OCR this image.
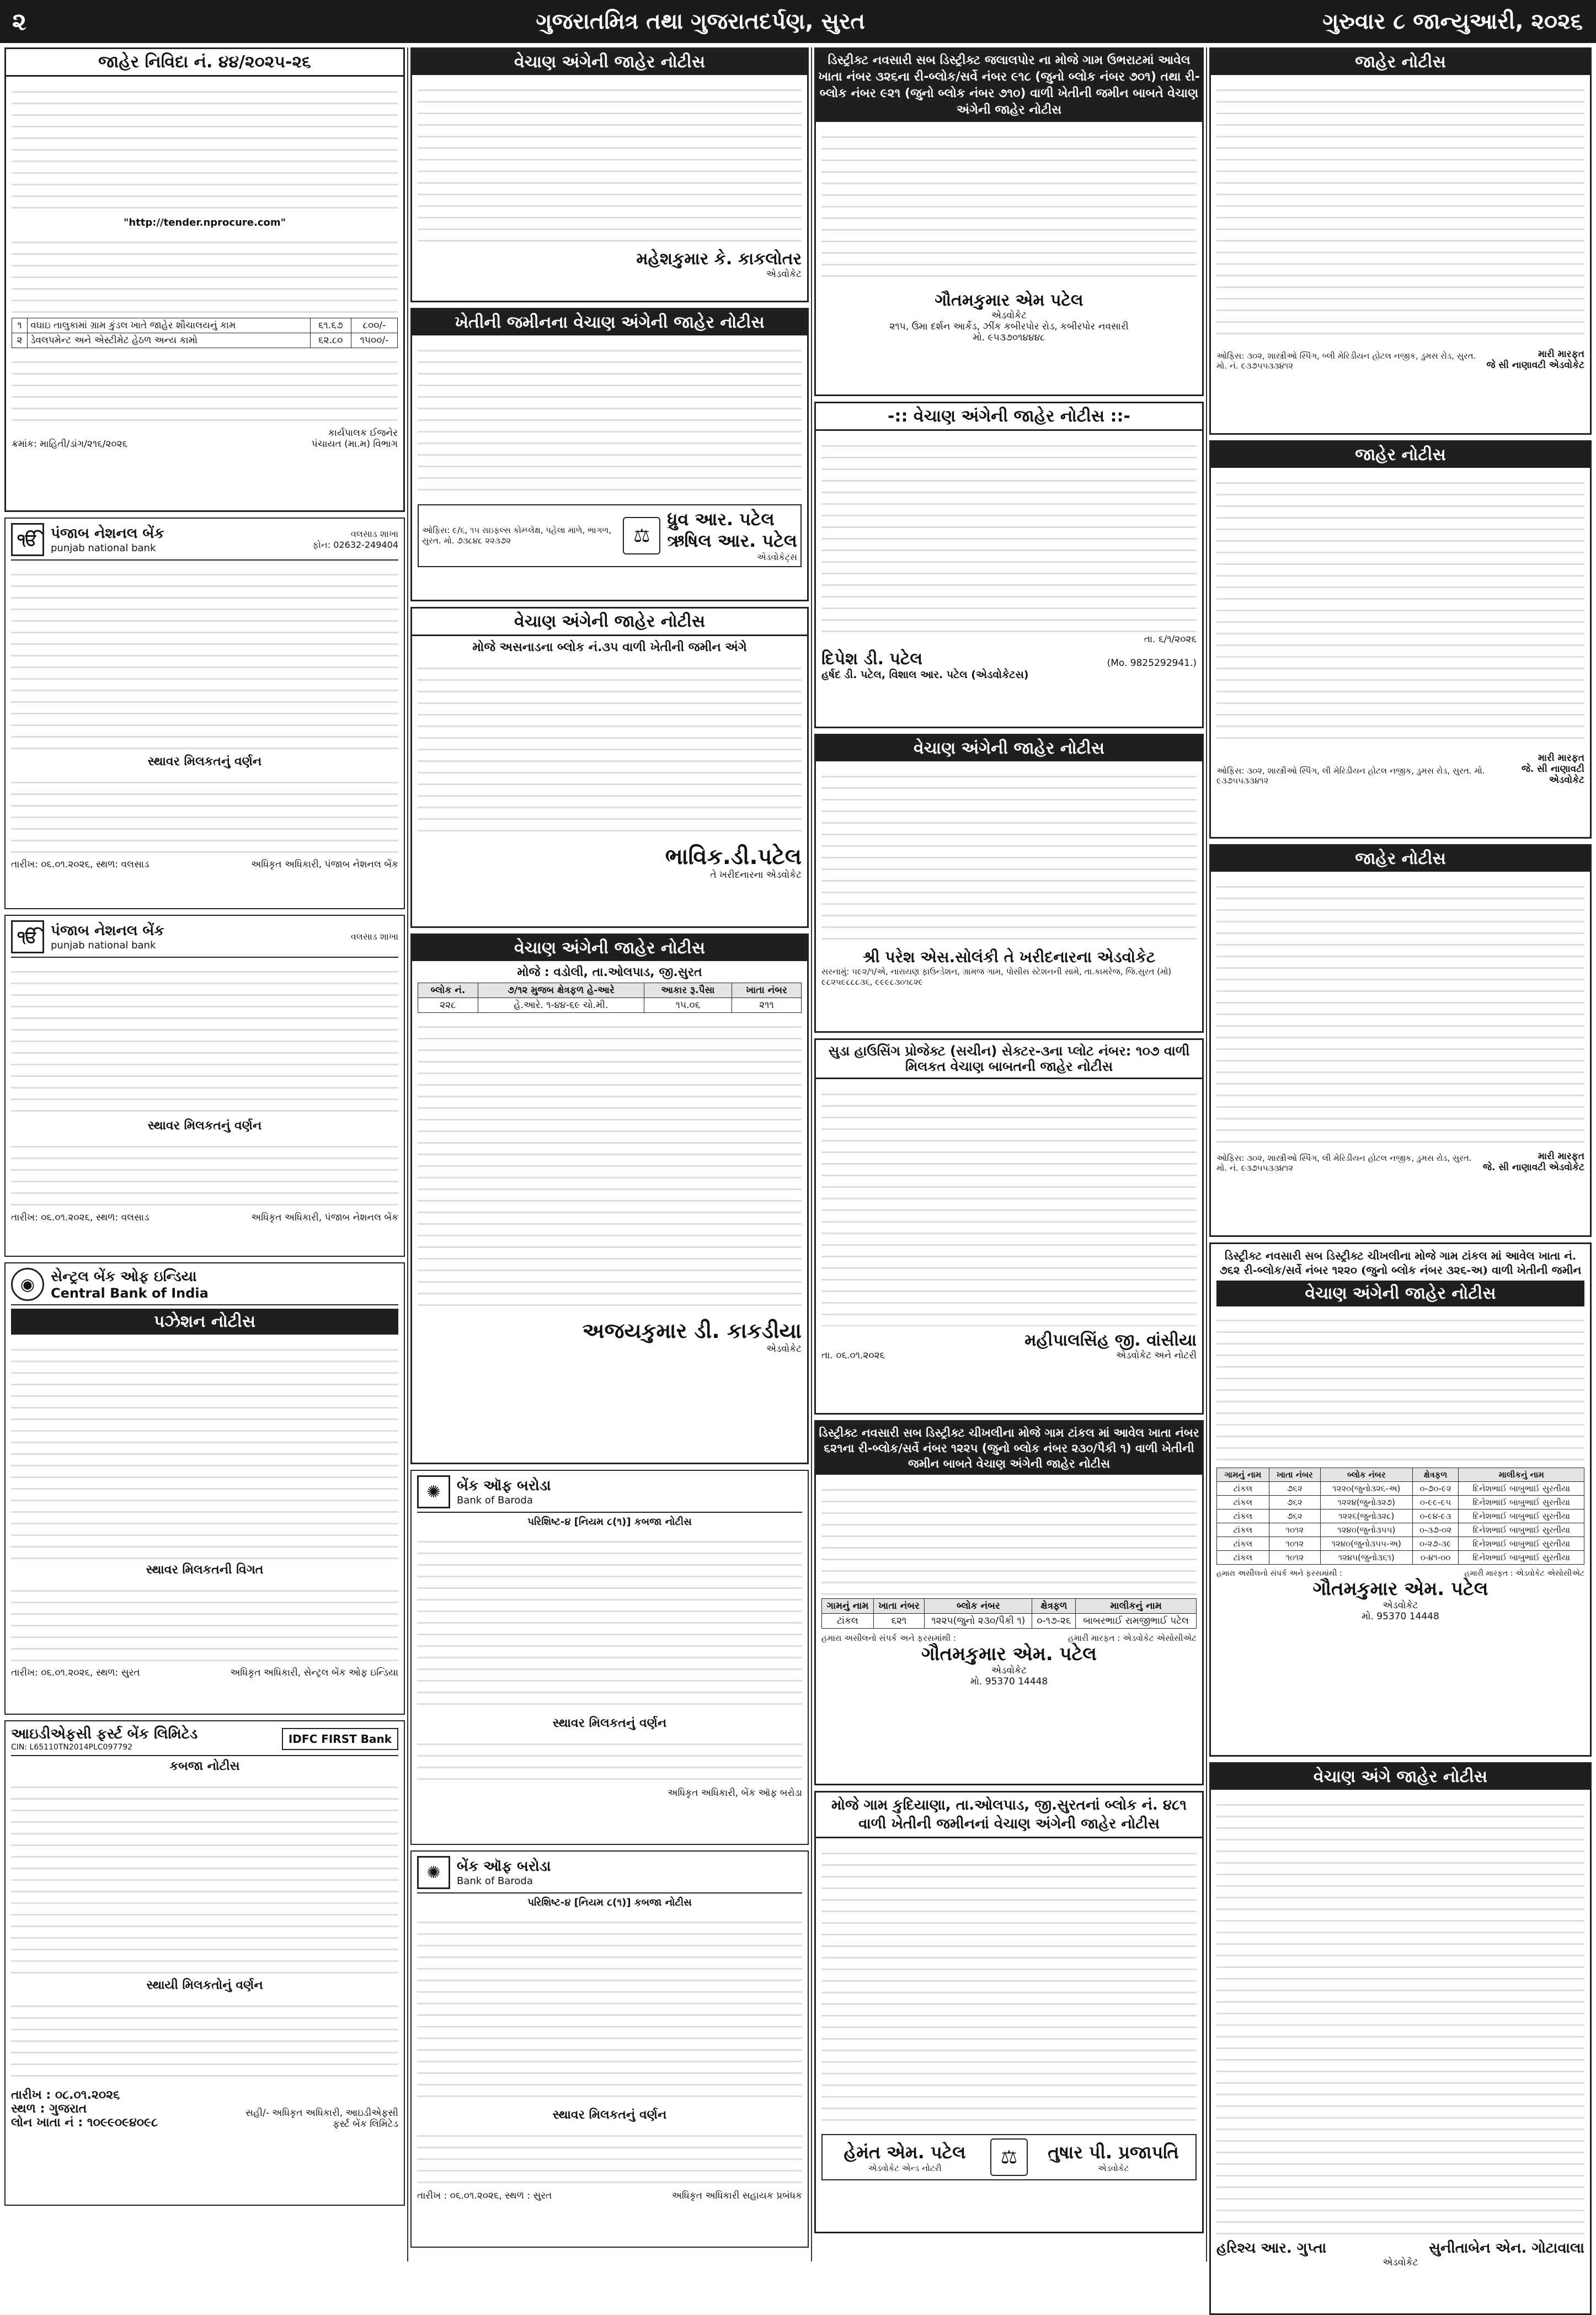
૨	ગુજરાતમિત્ર તથા ગુજરાતદર્પણ, સુરત	ગુરુવાર ૮ જાન્યુઆરી, ૨૦૨૬
જાહેર નિવિદા નં. ૪૪/૨૦૨૫-૨૬
"http://tender.nprocure.com"
૧	વઘાઇ તાલુકામાં ગ્રામ કુંડલ ખાતે જાહેર શૌચાલયનું કામ	૬૧.૬૭	૮૦૦/-
૨	ડેવલપમેન્ટ અને એસ્ટીમેટ હેઠળ અન્ય કામો	૬૨.૮૦	૧૫૦૦/-
ક્રમાંક: માહિતી/ડાંગ/૨૧૬/૨૦૨૬
કાર્યપાલક ઈજનેર
પંચાયત (મા.મ) વિભાગ
ੴ પંજાબ નેશનલ બેંક
punjab national bank
વલસાડ શાખા
ફોન: 02632-249404
સ્થાવર મિલકતનું વર્ણન
તારીખ: ૦૬.૦૧.૨૦૨૬, સ્થળ: વલસાડ	અધિકૃત અધિકારી, પંજાબ નેશનલ બેંક
ੴ પંજાબ નેશનલ બેંક
punjab national bank
વલસાડ શાખા
સ્થાવર મિલકતનું વર્ણન
તારીખ: ૦૬.૦૧.૨૦૨૬, સ્થળ: વલસાડ	અધિકૃત અધિકારી, પંજાબ નેશનલ બેંક
◉	સેન્ટ્રલ બેંક ઓફ ઇન્ડિયા
Central Bank of India
પઝેશન નોટીસ
સ્થાવર મિલકતની વિગત
તારીખ: ૦૬.૦૧.૨૦૨૬, સ્થળ: સુરત	અધિકૃત અધિકારી, સેન્ટ્રલ બેંક ઓફ ઇન્ડિયા
આઇડીએફસી ફર્સ્ટ બેંક લિમિટેડ
CIN: L65110TN2014PLC097792
IDFC FIRST Bank
કબજા નોટીસ
સ્થાયી મિલકતોનું વર્ણન
તારીખ : ૦૮.૦૧.૨૦૨૬
સ્થળ : ગુજરાત
લોન ખાતા નં : ૧૦૯૯૦૯૪૦૯૮
સહી/- અધિકૃત અધિકારી, આઇડીએફસી ફર્સ્ટ બેંક લિમિટેડ
વેચાણ અંગેની જાહેર નોટીસ
મહેશકુમાર કે. કાકલોતર
એડવોકેટ
ખેતીની જમીનના વેચાણ અંગેની જાહેર નોટીસ
ઓફિસ: ૯/૬, ૧૫ રાઇફલ્સ કોમ્પ્લેક્ષ, પહેલા માળે, ભાગળ, સુરત. મો. ૭૩૮૪૮ ૨૨૩૭૨	⚖
ધ્રુવ આર. પટેલ
ઋષિલ આર. પટેલ
એડવોકેટ્સ
વેચાણ અંગેની જાહેર નોટીસ
મોજે અસનાડના બ્લોક નં.૩૫ વાળી ખેતીની જમીન અંગે
ભાવિક.ડી.પટેલ
તે ખરીદનારના એડવોકેટ
વેચાણ અંગેની જાહેર નોટીસ
મોજે : વડોલી, તા.ઓલપાડ, જી.સુરત
બ્લોક નં.	૭/૧૨ મુજબ ક્ષેત્રફળ હે-આરે	આકાર રૂ.પૈસા	ખાતા નંબર
૨૨૮	હે.આરે. ૧-૪૪-૬૯ ચો.મી.	૧૫.૦૬	૨૧૧
અજયકુમાર ડી. કાકડીયા
એડવોકેટ
✺	બેંક ઑફ બરોડા
Bank of Baroda
પરિશિષ્ટ-૪ [નિયમ ૮(૧)] કબજા નોટીસ
સ્થાવર મિલકતનું વર્ણન
અધિકૃત અધિકારી, બેંક ઑફ બરોડા
✺	બેંક ઑફ બરોડા
Bank of Baroda
પરિશિષ્ટ-૪ [નિયમ ૮(૧)] કબજા નોટીસ
સ્થાવર મિલકતનું વર્ણન
તારીખ : ૦૬.૦૧.૨૦૨૬, સ્થળ : સુરત	અધિકૃત અધિકારી સહાયક પ્રબંધક
ડિસ્ટ્રીક્ટ નવસારી સબ ડિસ્ટ્રીક્ટ જલાલપોર ના મોજે ગામ ઉભરાટમાં આવેલ ખાતા નંબર ૩૨૬ના રી-બ્લોક/સર્વે નંબર ૯૧૮ (જુનો બ્લોક નંબર ૭૦૧) તથા રી-બ્લોક નંબર ૯૨૧ (જુનો બ્લોક નંબર ૭૧૦) વાળી ખેતીની જમીન બાબતે વેચાણ અંગેની જાહેર નોટીસ
ગૌતમકુમાર એમ પટેલ
એડવોકેટ
૨૧૫, ઉમા દર્શન આર્કેડ, ઝીંક કબીરપોર રોડ, કબીરપોર નવસારી
મો. ૯૫૩૭૦૧૪૪૪૮
-:: વેચાણ અંગેની જાહેર નોટીસ ::-
તા. ૬/૧/૨૦૨૬
દિપેશ ડી. પટેલ	(Mo. 9825292941.)
હર્ષદ ડી. પટેલ, વિશાલ આર. પટેલ (એડવોકેટસ)
વેચાણ અંગેની જાહેર નોટીસ
શ્રી પરેશ એસ.સોલંકી તે ખરીદનારના એડવોકેટ
સરનામું: ૫૯૨/૧/એ, નારાયણ ફાઉન્ડેશન, ગ્રામજ ગામ, પોસીસ સ્ટેશનની સામે, તા.કામરેજ, જિ.સુરત (મો) ૯૮૨૫૯૮૮૮૩૬, ૯૯૯૮૩૦૧૮૨૯
સુડા હાઉસિંગ પ્રોજેક્ટ (સચીન) સેક્ટર-૩ના પ્લોટ નંબર: ૧૦૭ વાળી મિલકત વેચાણ બાબતની જાહેર નોટીસ
તા. ૦૬.૦૧.૨૦૨૬
મહીપાલસિંહ જી. વાંસીયા
એડવોકેટ અને નોટરી
ડિસ્ટ્રીક્ટ નવસારી સબ ડિસ્ટ્રીક્ટ ચીખલીના મોજે ગામ ટાંકલ માં આવેલ ખાતા નંબર ૬૨૧ના રી-બ્લોક/સર્વે નંબર ૧૨૨૫ (જુનો બ્લોક નંબર ૨૩૦/પૈકી ૧) વાળી ખેતીની જમીન બાબતે વેચાણ અંગેની જાહેર નોટીસ
ગામનું નામ	ખાતા નંબર	બ્લોક નંબર	ક્ષેત્રફળ	માલીકનું નામ
ટાંકલ	૬૨૧	૧૨૨૫(જુનો ૨૩૦/પૈકી ૧)	૦-૧૭-૨૬	બાબરભાઈ રામજીભાઈ પટેલ
હમારા અસીલનો સંપર્ક અને ફરસમાંથી :	હમારી મારફત : એડવોકેટ એસોસીએટ
ગૌતમકુમાર એમ. પટેલ
એડવોકેટ
મો. 95370 14448
મોજે ગામ કુદિયાણા, તા.ઓલપાડ, જી.સુરતનાં બ્લોક નં. ૪૮૧ વાળી ખેતીની જમીનનાં વેચાણ અંગેની જાહેર નોટીસ
હેમંત એમ. પટેલ
એડવોકેટ એન્ડ નોટરી	⚖	તુષાર પી. પ્રજાપતિ
એડવોકેટ
જાહેર નોટીસ
ઓફિસ: ૩૦૨, શાસ્ત્રીઓ સ્પિંગ, બ્લી મેરિડીયન હોટલ નજીક, ડુમસ રોડ, સુરત.
મો. નં. ૯૩૭૫૫૩૩૪૧૨
મારી મારફત
જે સી નાણાવટી એડવોકેટ
જાહેર નોટીસ
ઓફિસ: ૩૦૨, શાસ્ત્રીઓ સ્પિંગ, લી મેરિડીયન હોટલ નજીક, ડુમસ રોડ, સુરત. મો. ૯૩૭૫૫૩૩૪૧૨
મારી મારફત
જે. સી નાણાવટી એડવોકેટ
જાહેર નોટીસ
ઓફિસ: ૩૦૨, શાસ્ત્રીઓ સ્પિંગ, લી મેરિડીયન હોટલ નજીક, ડુમસ રોડ, સુરત.
મો. નં. ૯૩૭૫૫૩૩૪૧૨
મારી મારફત
જે. સી નાણાવટી એડવોકેટ
ડિસ્ટ્રીક્ટ નવસારી સબ ડિસ્ટ્રીક્ટ ચીખલીના મોજે ગામ ટાંકલ માં આવેલ ખાતા નં. ૭૬૨ રી-બ્લોક/સર્વે નંબર ૧૨૨૦ (જુનો બ્લોક નંબર ૩૨૬-અ) વાળી ખેતીની જમીન
વેચાણ અંગેની જાહેર નોટીસ
ગામનું નામ	ખાતા નંબર	બ્લોક નંબર	ક્ષેત્રફળ	માલીકનું નામ
ટાંકલ	૭૬૨	૧૨૨૦(જુનો૩૨૬-અ)	૦-૭૦-૯૨	દિનેશભાઈ બાબુભાઈ સુરતીયા
ટાંકલ	૭૬૨	૧૨૨૪(જુનો૩૨૭)	૦-૯૯-૯૫	દિનેશભાઈ બાબુભાઈ સુરતીયા
ટાંકલ	૭૬૨	૧૨૨૬(જુનો૩૨૮)	૦-૯૪-૯૩	દિનેશભાઈ બાબુભાઈ સુરતીયા
ટાંકલ	૧૦૧૨	૧૨૪૦(જુનો૩૫૫)	૦-૩૭-૦૨	દિનેશભાઈ બાબુભાઈ સુરતીયા
ટાંકલ	૧૦૧૨	૧૨૪૦(જુનો૩૫૫-અ)	૦-૨૭-૩૯	દિનેશભાઈ બાબુભાઈ સુરતીયા
ટાંકલ	૧૦૧૨	૧૨૪૫(જુનો૩૬૧)	૦-૪૧-૦૦	દિનેશભાઈ બાબુભાઈ સુરતીયા
હમારા અસીલનો સંપર્ક અને ફરસમાંથી :	હમારી મારફત : એડવોકેટ એસોસીએટ
ગૌતમકુમાર એમ. પટેલ
એડવોકેટ
મો. 95370 14448
વેચાણ અંગે જાહેર નોટીસ
હરિશ્ચ આર. ગુપ્તા	સુનીતાબેન એન. ગોટાવાલા
એડવોકેટ
